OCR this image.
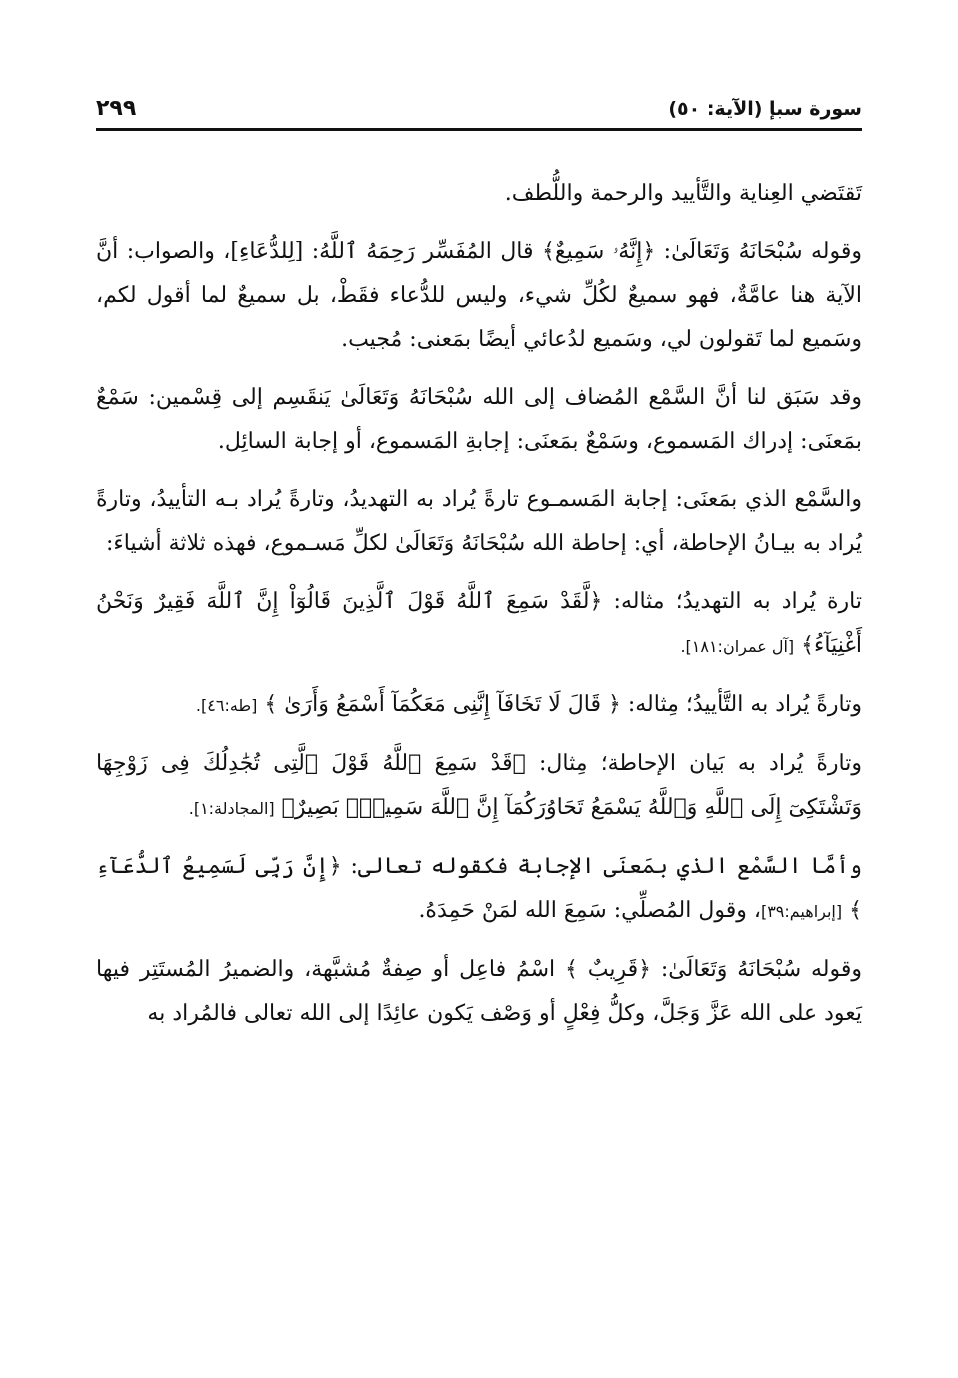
سورة سبإ (الآية: ٥٠)
٢٩٩

تَقتَضي العِناية والتَّأييد والرحمة واللُّطف.

وقوله سُبْحَانَهُ وَتَعَالَىٰ: ﴿إِنَّهُۥ سَمِيعٌ﴾ قال المُفَسِّر رَحِمَهُ ٱللَّهُ: [لِلدُّعَاءِ]، والصواب: أنَّ الآية هنا عامَّةٌ، فهو سميعٌ لكُلِّ شيء، وليس للدُّعاء فقَطْ، بل سميعٌ لما أقول لكم، وسَميع لما تَقولون لي، وسَميع لدُعائي أيضًا بمَعنى: مُجيب.

وقد سَبَق لنا أنَّ السَّمْع المُضاف إلى الله سُبْحَانَهُ وَتَعَالَىٰ يَنقَسِم إلى قِسْمين: سَمْعٌ بمَعنَى: إدراك المَسموع، وسَمْعٌ بمَعنَى: إجابةِ المَسموع، أو إجابة السائِل.

والسَّمْع الذي بمَعنَى: إجابة المَسمـوع تارةً يُراد به التهديدُ، وتارةً يُراد بـه التأييدُ، وتارةً يُراد به بيـانُ الإحاطة، أي: إحاطة الله سُبْحَانَهُ وَتَعَالَىٰ لكلِّ مَسـموع، فهذه ثلاثة أشياءَ:

تارة يُراد به التهديدُ؛ مثاله: ﴿لَّقَدْ سَمِعَ ٱللَّهُ قَوْلَ ٱلَّذِينَ قَالُوٓاْ إِنَّ ٱللَّهَ فَقِيرٌ وَنَحْنُ أَغْنِيَآءُ﴾ [آل عمران:١٨١].

وتارةً يُراد به التَّأييدُ؛ مِثاله: ﴿ قَالَ لَا تَخَافَآ إِنَّنِى مَعَكُمَآ أَسْمَعُ وَأَرَىٰ ﴾ [طه:٤٦].

وتارةً يُراد به بَيان الإحاطة؛ مِثال: ﴿قَدْ سَمِعَ ٱللَّهُ قَوْلَ ٱلَّتِى تُجَٰدِلُكَ فِى زَوْجِهَا وَتَشْتَكِىٓ إِلَى ٱللَّهِ وَٱللَّهُ يَسْمَعُ تَحَاوُرَكُمَآ إِنَّ ٱللَّهَ سَمِيعٌۢ بَصِيرٌ﴾ [المجادلة:١].

وأمَّا السَّمْع الذي بمَعنَى الإجابة فكقوله تعالى: ﴿إِنَّ رَبِّى لَسَمِيعُ ٱلدُّعَآءِ ﴾ [إبراهيم:٣٩]، وقول المُصلِّي: سَمِعَ الله لمَنْ حَمِدَهُ.

وقوله سُبْحَانَهُ وَتَعَالَىٰ: ﴿قَرِيبٌ ﴾ اسْمُ فاعِل أو صِفةٌ مُشبَّهة، والضميرُ المُستَتِر فيها يَعود على الله عَزَّ وَجَلَّ، وكلُّ فِعْلٍ أو وَصْف يَكون عائِدًا إلى الله تعالى فالمُراد به
